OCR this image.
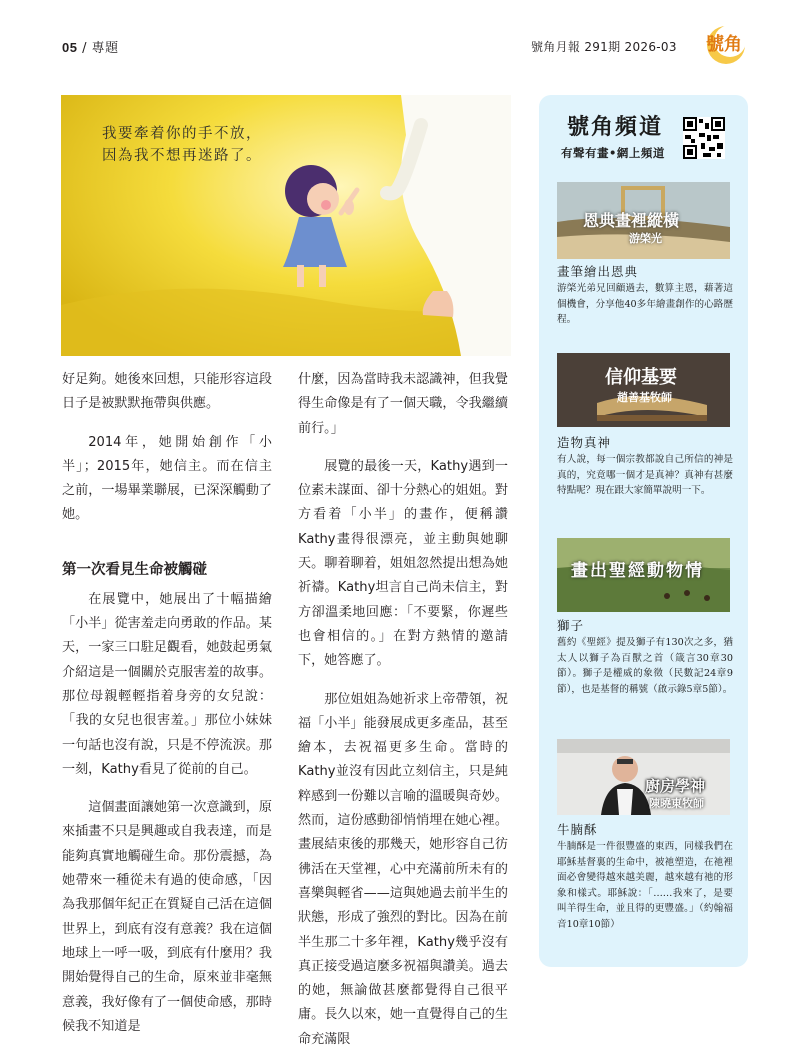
05 / 專題	號角月報 291期 2026-03 號角
我要牽着你的手不放，
因為我不想再迷路了。

好足夠。她後來回想，只能形容這段日子是被默默拖帶與供應。

2014年，她開始創作「小半」；2015年，她信主。而在信主之前，一場畢業聯展，已深深觸動了她。

第一次看見生命被觸碰

在展覽中，她展出了十幅描繪「小半」從害羞走向勇敢的作品。某天，一家三口駐足觀看，她鼓起勇氣介紹這是一個關於克服害羞的故事。那位母親輕輕指着身旁的女兒說：「我的女兒也很害羞。」那位小妹妹一句話也沒有說，只是不停流淚。那一刻，Kathy看見了從前的自己。

這個畫面讓她第一次意識到，原來插畫不只是興趣或自我表達，而是能夠真實地觸碰生命。那份震撼，為她帶來一種從未有過的使命感，「因為我那個年紀正在質疑自己活在這個世界上，到底有沒有意義？我在這個地球上一呼一吸，到底有什麼用？我開始覺得自己的生命，原來並非毫無意義，我好像有了一個使命感，那時候我不知道是

什麼，因為當時我未認識神，但我覺得生命像是有了一個天職，令我繼續前行。」

展覽的最後一天，Kathy遇到一位素未謀面、卻十分熱心的姐姐。對方看着「小半」的畫作，便稱讚Kathy畫得很漂亮，並主動與她聊天。聊着聊着，姐姐忽然提出想為她祈禱。Kathy坦言自己尚未信主，對方卻溫柔地回應：「不要緊，你遲些也會相信的。」在對方熱情的邀請下，她答應了。

那位姐姐為她祈求上帝帶領，祝福「小半」能發展成更多產品，甚至繪本，去祝福更多生命。當時的Kathy並沒有因此立刻信主，只是純粹感到一份難以言喻的溫暖與奇妙。然而，這份感動卻悄悄埋在她心裡。畫展結束後的那幾天，她形容自己彷彿活在天堂裡，心中充滿前所未有的喜樂與輕省——這與她過去前半生的狀態，形成了強烈的對比。因為在前半生那二十多年裡，Kathy幾乎沒有真正接受過這麼多祝福與讚美。過去的她，無論做甚麼都覺得自己很平庸。長久以來，她一直覺得自己的生命充滿限

號角頻道
有聲有畫•網上頻道
恩典畫裡縱橫
游棨光
畫筆繪出恩典
游棨光弟兄回顧過去，數算主恩，藉著這個機會，分享他40多年繪畫創作的心路歷程。
信仰基要
趙善基牧師
造物真神
有人說，每一個宗教都說自己所信的神是真的，究竟哪一個才是真神？真神有甚麼特點呢？現在跟大家簡單說明一下。
畫出聖經動物情
獅子
舊約《聖經》提及獅子有130次之多，猶太人以獅子為百獸之首（箴言30章30節）。獅子是權威的象徵（民數記24章9節），也是基督的稱號（啟示錄5章5節）。
廚房學神
陳曉東牧師
牛腩酥
牛腩酥是一件很豐盛的東西，同樣我們在耶穌基督裏的生命中，被祂塑造，在祂裡面必會變得越來越美麗，越來越有祂的形象和樣式。耶穌說：「……我來了，是要叫羊得生命，並且得的更豐盛。」（約翰福音10章10節）
